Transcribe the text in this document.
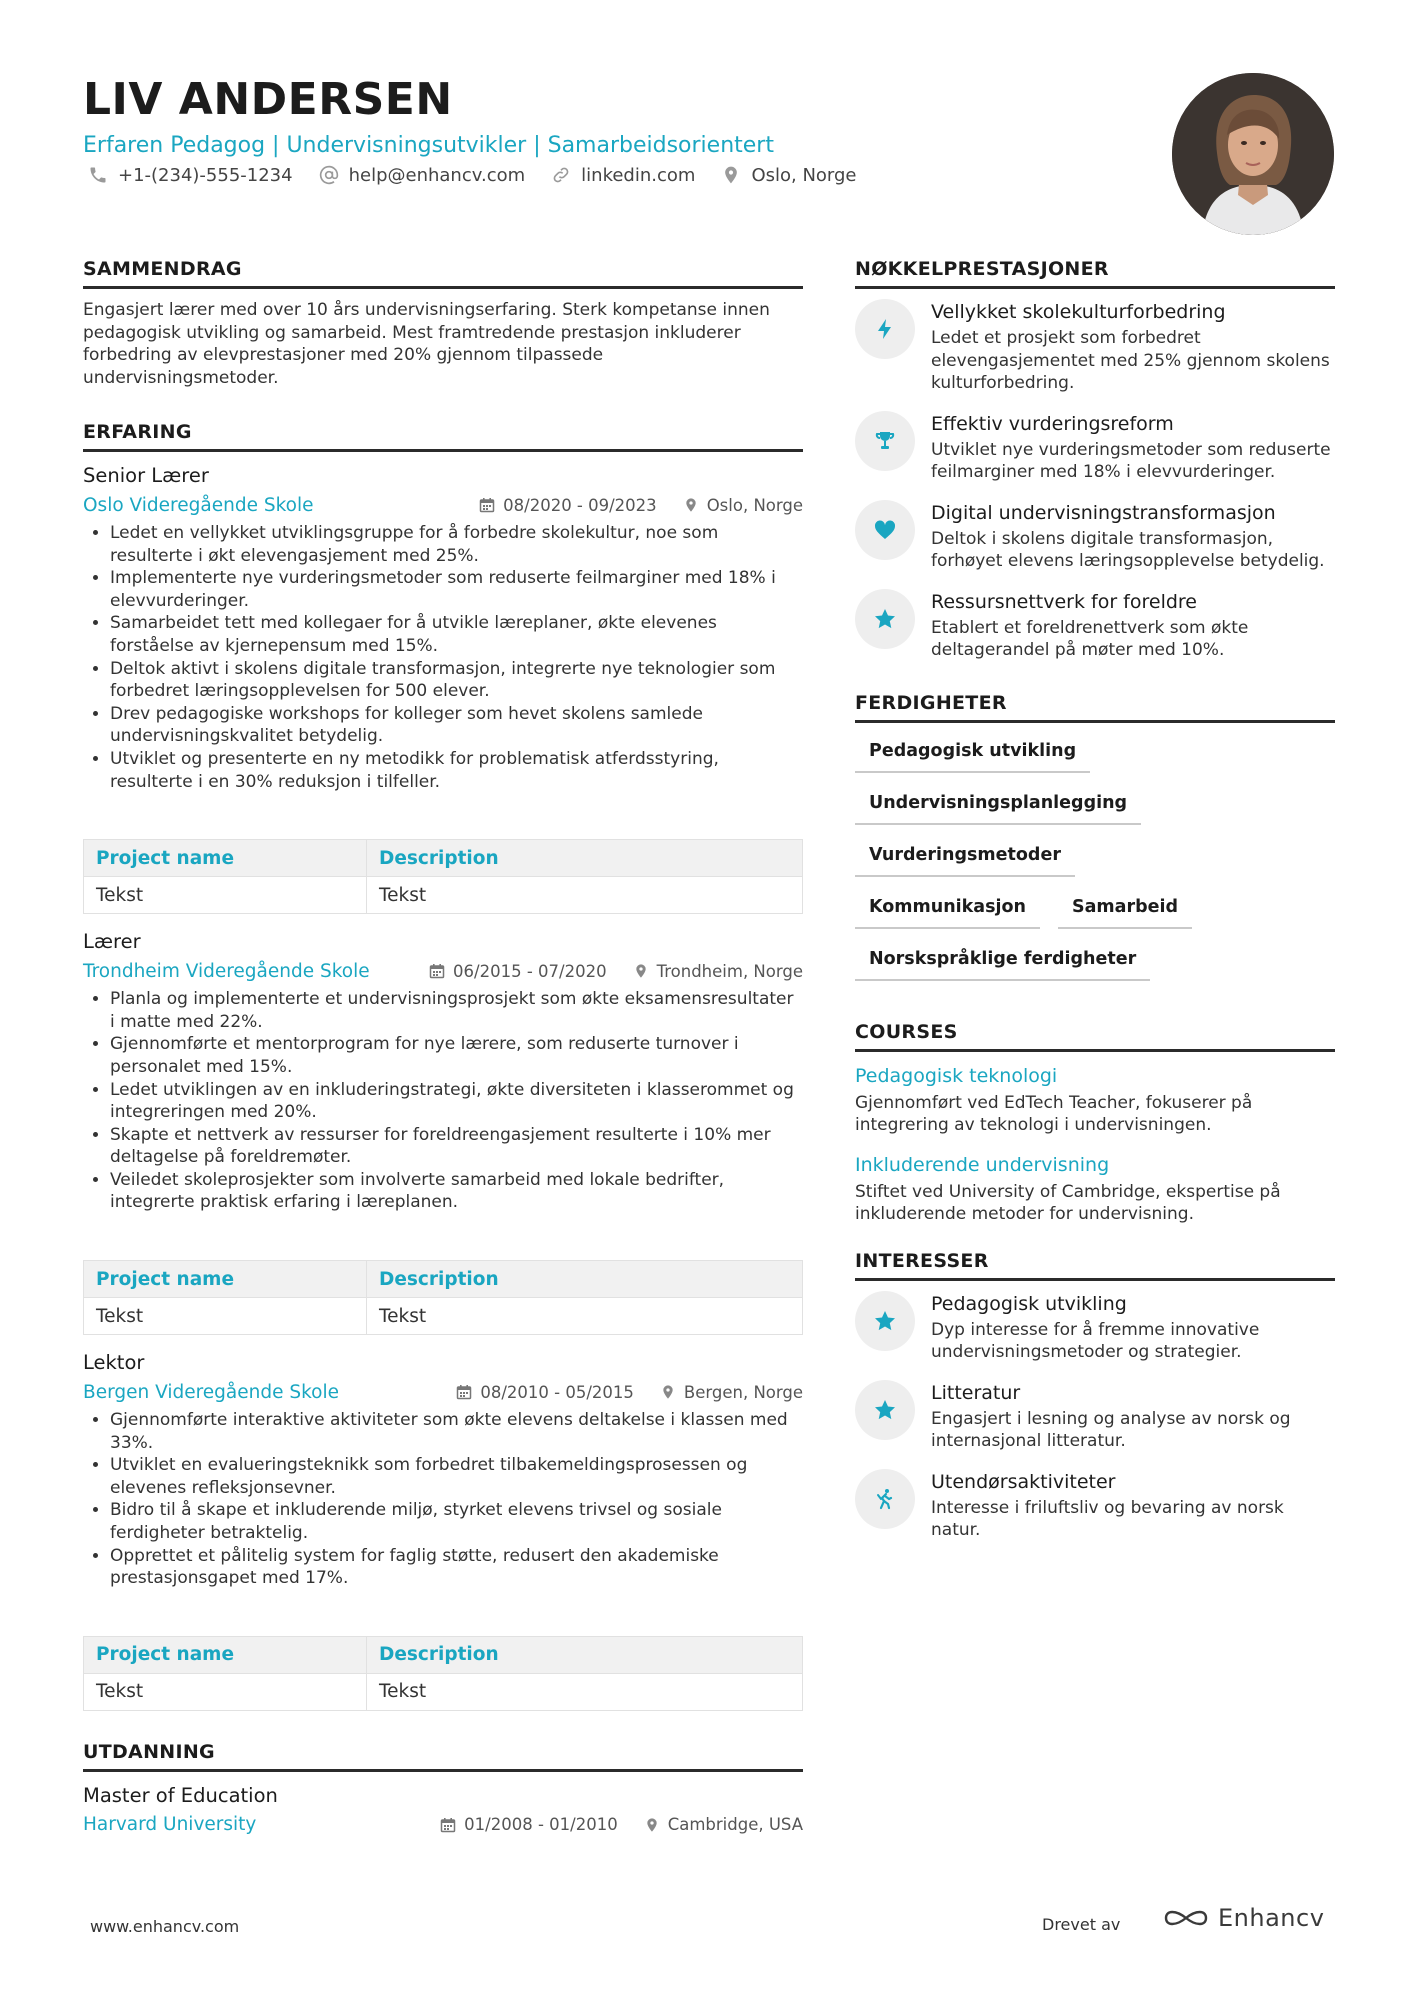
LIV ANDERSEN
Erfaren Pedagog | Undervisningsutvikler | Samarbeidsorientert
+1-(234)-555-1234	help@enhancv.com	linkedin.com	Oslo, Norge
SAMMENDRAG

Engasjert lærer med over 10 års undervisningserfaring. Sterk kompetanse innen pedagogisk utvikling og samarbeid. Mest framtredende prestasjon inkluderer forbedring av elevprestasjoner med 20% gjennom tilpassede undervisningsmetoder.

ERFARING
Senior Lærer
Oslo Videregående Skole	08/2020 - 09/2023	Oslo, Norge
• Ledet en vellykket utviklingsgruppe for å forbedre skolekultur, noe som resulterte i økt elevengasjement med 25%.
• Implementerte nye vurderingsmetoder som reduserte feilmarginer med 18% i elevvurderinger.
• Samarbeidet tett med kollegaer for å utvikle læreplaner, økte elevenes forståelse av kjernepensum med 15%.
• Deltok aktivt i skolens digitale transformasjon, integrerte nye teknologier som forbedret læringsopplevelsen for 500 elever.
• Drev pedagogiske workshops for kolleger som hevet skolens samlede undervisningskvalitet betydelig.
• Utviklet og presenterte en ny metodikk for problematisk atferdsstyring, resulterte i en 30% reduksjon i tilfeller.
Project name	Description
Tekst	Tekst
Lærer
Trondheim Videregående Skole	06/2015 - 07/2020	Trondheim, Norge
• Planla og implementerte et undervisningsprosjekt som økte eksamensresultater i matte med 22%.
• Gjennomførte et mentorprogram for nye lærere, som reduserte turnover i personalet med 15%.
• Ledet utviklingen av en inkluderingstrategi, økte diversiteten i klasserommet og integreringen med 20%.
• Skapte et nettverk av ressurser for foreldreengasjement resulterte i 10% mer deltagelse på foreldremøter.
• Veiledet skoleprosjekter som involverte samarbeid med lokale bedrifter, integrerte praktisk erfaring i læreplanen.
Project name	Description
Tekst	Tekst
Lektor
Bergen Videregående Skole	08/2010 - 05/2015	Bergen, Norge
• Gjennomførte interaktive aktiviteter som økte elevens deltakelse i klassen med 33%.
• Utviklet en evalueringsteknikk som forbedret tilbakemeldingsprosessen og elevenes refleksjonsevner.
• Bidro til å skape et inkluderende miljø, styrket elevens trivsel og sosiale ferdigheter betraktelig.
• Opprettet et pålitelig system for faglig støtte, redusert den akademiske prestasjonsgapet med 17%.
Project name	Description
Tekst	Tekst
UTDANNING
Master of Education
Harvard University	01/2008 - 01/2010	Cambridge, USA
NØKKELPRESTASJONER
Vellykket skolekulturforbedring
Ledet et prosjekt som forbedret elevengasjementet med 25% gjennom skolens kulturforbedring.
Effektiv vurderingsreform
Utviklet nye vurderingsmetoder som reduserte feilmarginer med 18% i elevvurderinger.
Digital undervisningstransformasjon
Deltok i skolens digitale transformasjon, forhøyet elevens læringsopplevelse betydelig.
Ressursnettverk for foreldre
Etablert et foreldrenettverk som økte deltagerandel på møter med 10%.
FERDIGHETER
Pedagogisk utvikling
Undervisningsplanlegging
Vurderingsmetoder
Kommunikasjon	Samarbeid
Norskspråklige ferdigheter
COURSES
Pedagogisk teknologi
Gjennomført ved EdTech Teacher, fokuserer på integrering av teknologi i undervisningen.
Inkluderende undervisning
Stiftet ved University of Cambridge, ekspertise på inkluderende metoder for undervisning.
INTERESSER
Pedagogisk utvikling
Dyp interesse for å fremme innovative undervisningsmetoder og strategier.
Litteratur
Engasjert i lesning og analyse av norsk og internasjonal litteratur.
Utendørsaktiviteter
Interesse i friluftsliv og bevaring av norsk natur.
www.enhancv.com	Drevet av	Enhancv
